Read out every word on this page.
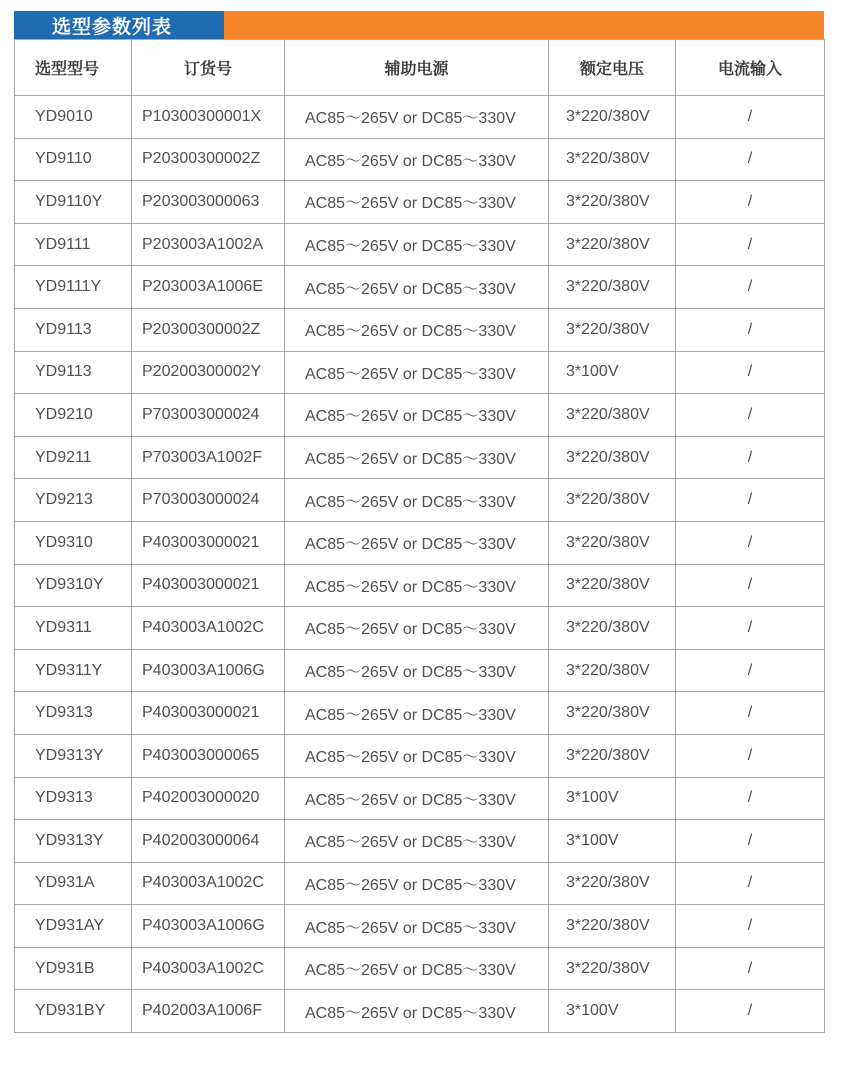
选型参数列表
选型型号	订货号	辅助电源	额定电压	电流输入
YD9010	P10300300001X	AC85～265V or DC85～330V	3*220/380V	/
YD9110	P20300300002Z	AC85～265V or DC85～330V	3*220/380V	/
YD9110Y	P203003000063	AC85～265V or DC85～330V	3*220/380V	/
YD9111	P203003A1002A	AC85～265V or DC85～330V	3*220/380V	/
YD9111Y	P203003A1006E	AC85～265V or DC85～330V	3*220/380V	/
YD9113	P20300300002Z	AC85～265V or DC85～330V	3*220/380V	/
YD9113	P20200300002Y	AC85～265V or DC85～330V	3*100V	/
YD9210	P703003000024	AC85～265V or DC85～330V	3*220/380V	/
YD9211	P703003A1002F	AC85～265V or DC85～330V	3*220/380V	/
YD9213	P703003000024	AC85～265V or DC85～330V	3*220/380V	/
YD9310	P403003000021	AC85～265V or DC85～330V	3*220/380V	/
YD9310Y	P403003000021	AC85～265V or DC85～330V	3*220/380V	/
YD9311	P403003A1002C	AC85～265V or DC85～330V	3*220/380V	/
YD9311Y	P403003A1006G	AC85～265V or DC85～330V	3*220/380V	/
YD9313	P403003000021	AC85～265V or DC85～330V	3*220/380V	/
YD9313Y	P403003000065	AC85～265V or DC85～330V	3*220/380V	/
YD9313	P402003000020	AC85～265V or DC85～330V	3*100V	/
YD9313Y	P402003000064	AC85～265V or DC85～330V	3*100V	/
YD931A	P403003A1002C	AC85～265V or DC85～330V	3*220/380V	/
YD931AY	P403003A1006G	AC85～265V or DC85～330V	3*220/380V	/
YD931B	P403003A1002C	AC85～265V or DC85～330V	3*220/380V	/
YD931BY	P402003A1006F	AC85～265V or DC85～330V	3*100V	/
